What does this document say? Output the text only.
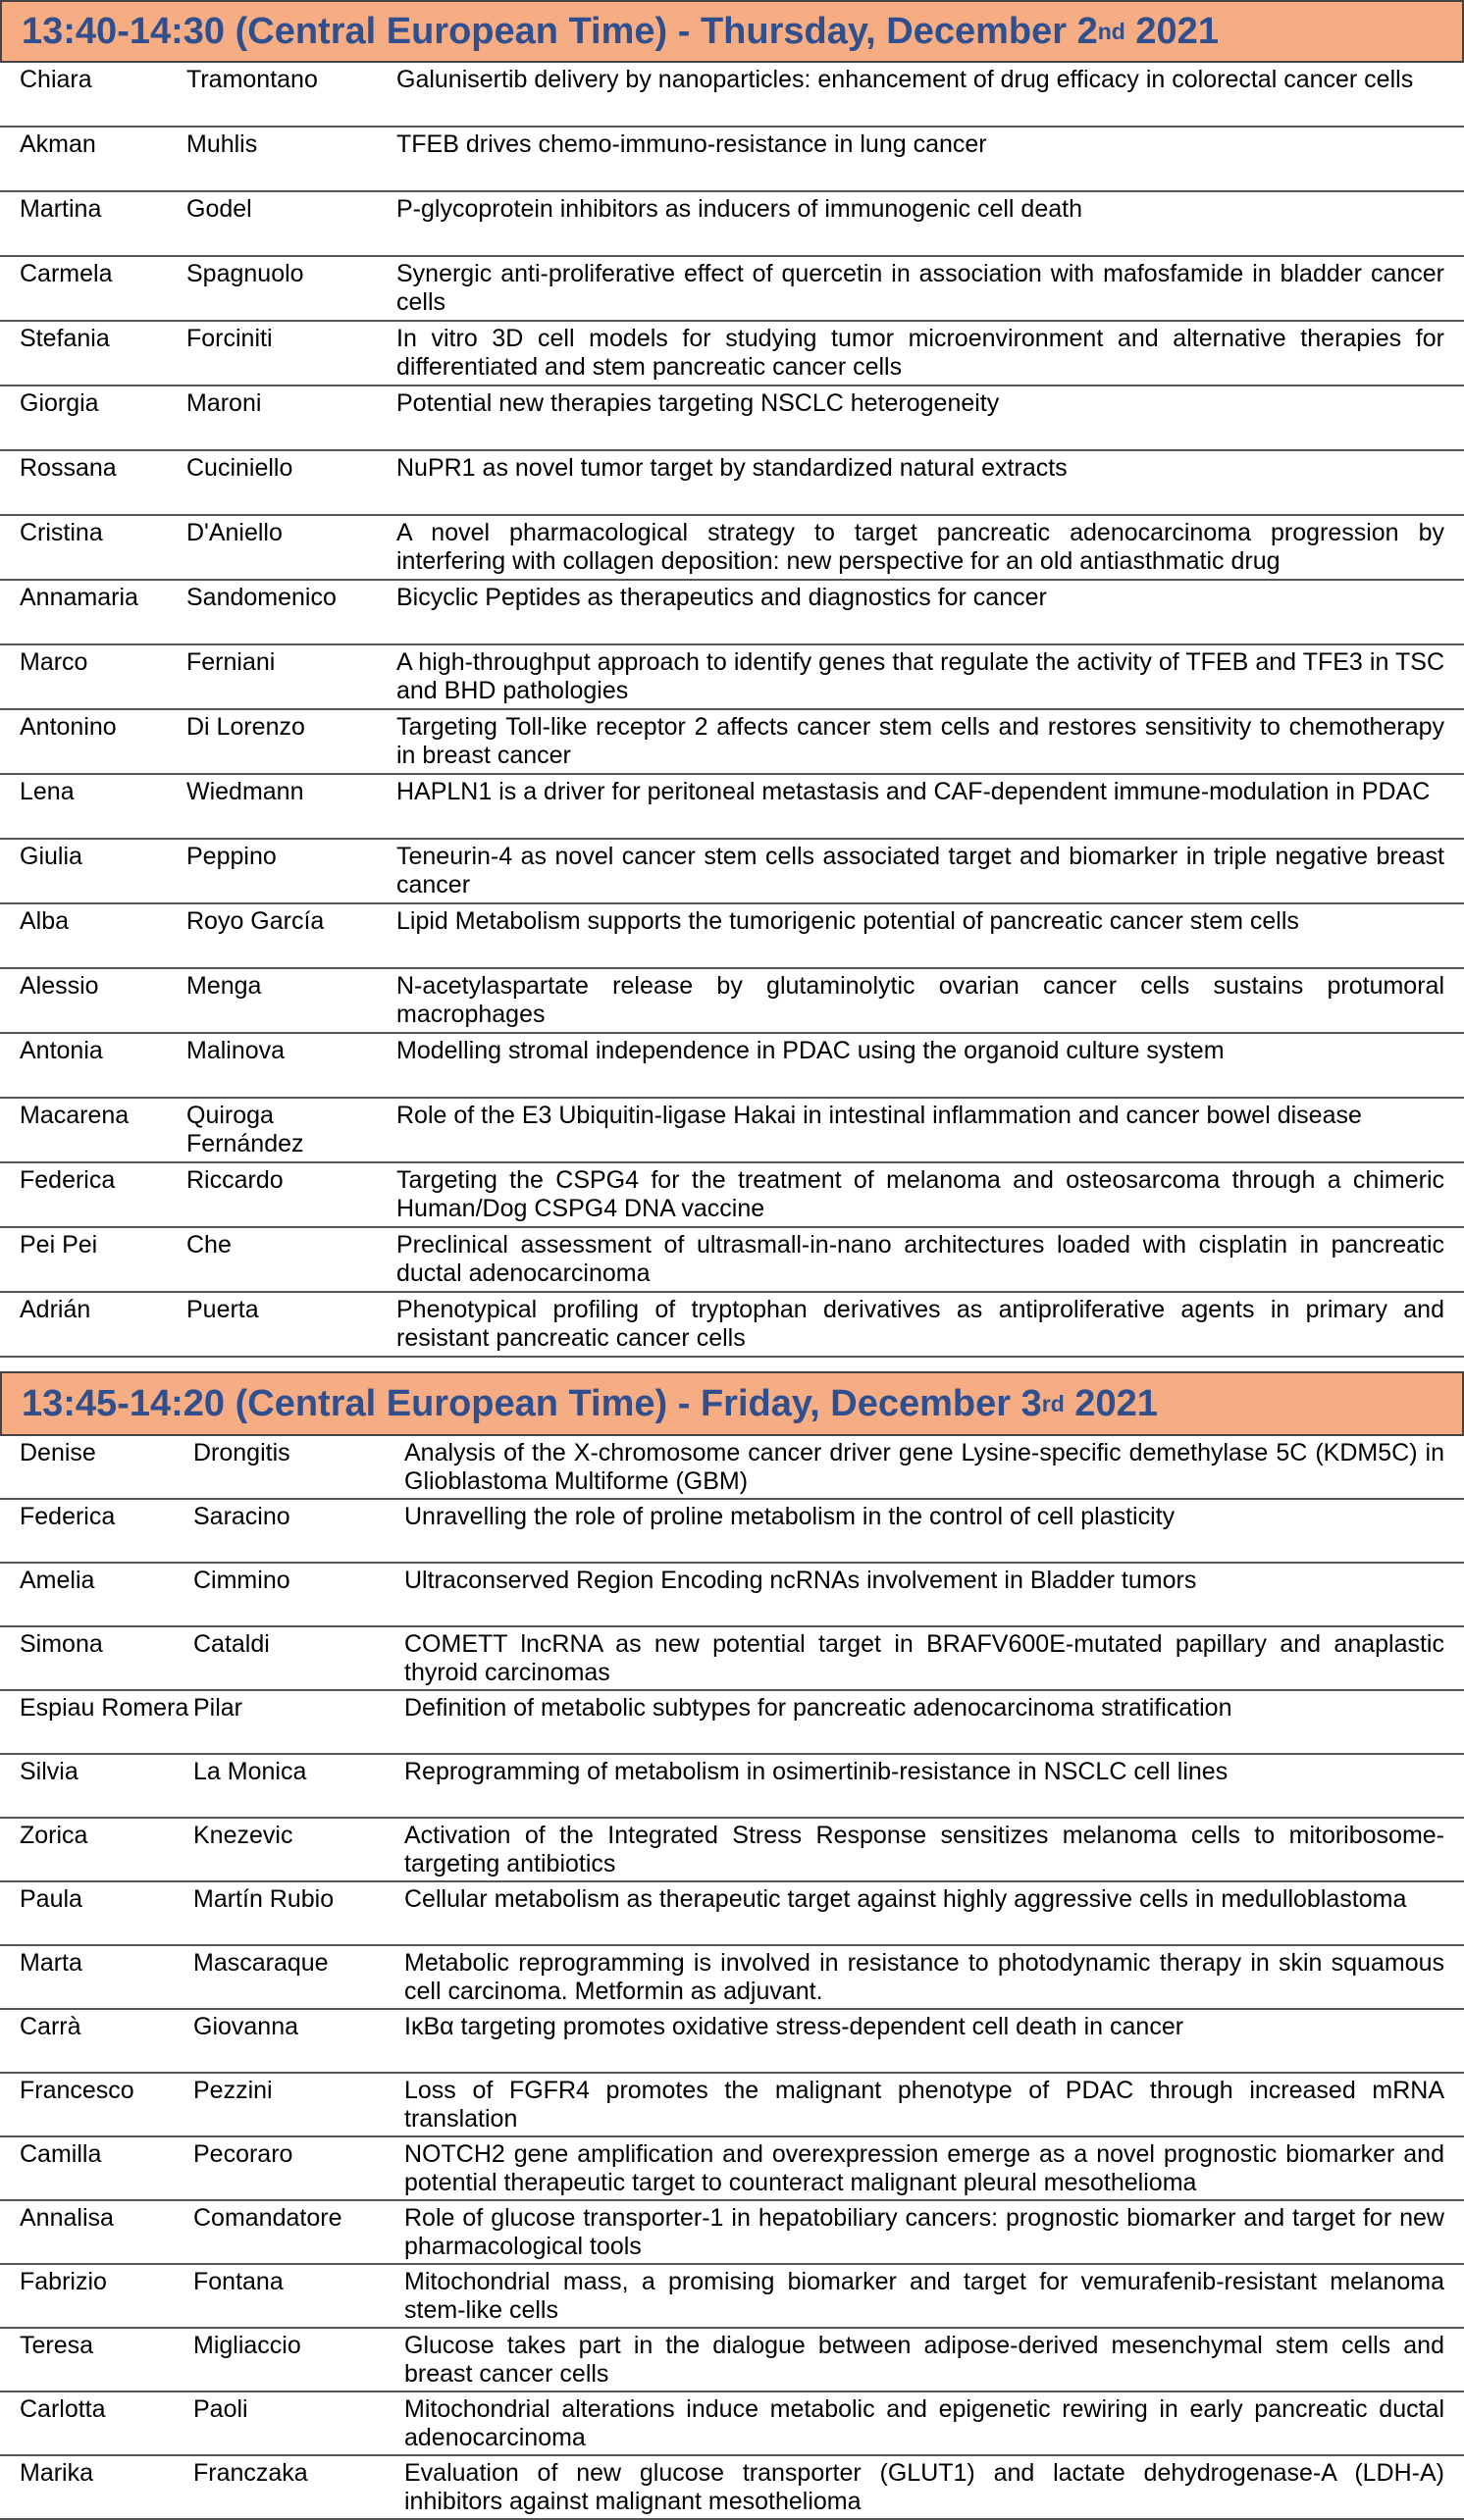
13:40-14:30 (Central European Time) - Thursday, December 2nd 2021
Chiara	Tramontano	Galunisertib delivery by nanoparticles: enhancement of drug efficacy in colorectal cancer cells
Akman	Muhlis	TFEB drives chemo-immuno-resistance in lung cancer
Martina	Godel	P-glycoprotein inhibitors as inducers of immunogenic cell death
Carmela	Spagnuolo	Synergic anti-proliferative effect of quercetin in association with mafosfamide in bladder cancer cells
Stefania	Forciniti	In vitro 3D cell models for studying tumor microenvironment and alternative therapies for differentiated and stem pancreatic cancer cells
Giorgia	Maroni	Potential new therapies targeting NSCLC heterogeneity
Rossana	Cuciniello	NuPR1 as novel tumor target by standardized natural extracts
Cristina	D'Aniello	A novel pharmacological strategy to target pancreatic adenocarcinoma progression by interfering with collagen deposition: new perspective for an old antiasthmatic drug
Annamaria	Sandomenico	Bicyclic Peptides as therapeutics and diagnostics for cancer
Marco	Ferniani	A high-throughput approach to identify genes that regulate the activity of TFEB and TFE3 in TSC and BHD pathologies
Antonino	Di Lorenzo	Targeting Toll-like receptor 2 affects cancer stem cells and restores sensitivity to chemotherapy in breast cancer
Lena	Wiedmann	HAPLN1 is a driver for peritoneal metastasis and CAF-dependent immune-modulation in PDAC
Giulia	Peppino	Teneurin-4 as novel cancer stem cells associated target and biomarker in triple negative breast cancer
Alba	Royo García	Lipid Metabolism supports the tumorigenic potential of pancreatic cancer stem cells
Alessio	Menga	N-acetylaspartate release by glutaminolytic ovarian cancer cells sustains protumoral macrophages
Antonia	Malinova	Modelling stromal independence in PDAC using the organoid culture system
Macarena	Quiroga Fernández	Role of the E3 Ubiquitin-ligase Hakai in intestinal inflammation and cancer bowel disease
Federica	Riccardo	Targeting the CSPG4 for the treatment of melanoma and osteosarcoma through a chimeric Human/Dog CSPG4 DNA vaccine
Pei Pei	Che	Preclinical assessment of ultrasmall-in-nano architectures loaded with cisplatin in pancreatic ductal adenocarcinoma
Adrián	Puerta	Phenotypical profiling of tryptophan derivatives as antiproliferative agents in primary and resistant pancreatic cancer cells
13:45-14:20 (Central European Time) - Friday, December 3rd 2021
Denise	Drongitis	Analysis of the X-chromosome cancer driver gene Lysine-specific demethylase 5C (KDM5C) in Glioblastoma Multiforme (GBM)
Federica	Saracino	Unravelling the role of proline metabolism in the control of cell plasticity
Amelia	Cimmino	Ultraconserved Region Encoding ncRNAs involvement in Bladder tumors
Simona	Cataldi	COMETT lncRNA as new potential target in BRAFV600E-mutated papillary and anaplastic thyroid carcinomas
Espiau Romera	Pilar	Definition of metabolic subtypes for pancreatic adenocarcinoma stratification
Silvia	La Monica	Reprogramming of metabolism in osimertinib-resistance in NSCLC cell lines
Zorica	Knezevic	Activation of the Integrated Stress Response sensitizes melanoma cells to mitoribosome-targeting antibiotics
Paula	Martín Rubio	Cellular metabolism as therapeutic target against highly aggressive cells in medulloblastoma
Marta	Mascaraque	Metabolic reprogramming is involved in resistance to photodynamic therapy in skin squamous cell carcinoma. Metformin as adjuvant.
Carrà	Giovanna	IκBα targeting promotes oxidative stress-dependent cell death in cancer
Francesco	Pezzini	Loss of FGFR4 promotes the malignant phenotype of PDAC through increased mRNA translation
Camilla	Pecoraro	NOTCH2 gene amplification and overexpression emerge as a novel prognostic biomarker and potential therapeutic target to counteract malignant pleural mesothelioma
Annalisa	Comandatore	Role of glucose transporter-1 in hepatobiliary cancers: prognostic biomarker and target for new pharmacological tools
Fabrizio	Fontana	Mitochondrial mass, a promising biomarker and target for vemurafenib-resistant melanoma stem-like cells
Teresa	Migliaccio	Glucose takes part in the dialogue between adipose-derived mesenchymal stem cells and breast cancer cells
Carlotta	Paoli	Mitochondrial alterations induce metabolic and epigenetic rewiring in early pancreatic ductal adenocarcinoma
Marika	Franczaka	Evaluation of new glucose transporter (GLUT1) and lactate dehydrogenase-A (LDH-A) inhibitors against malignant mesothelioma
